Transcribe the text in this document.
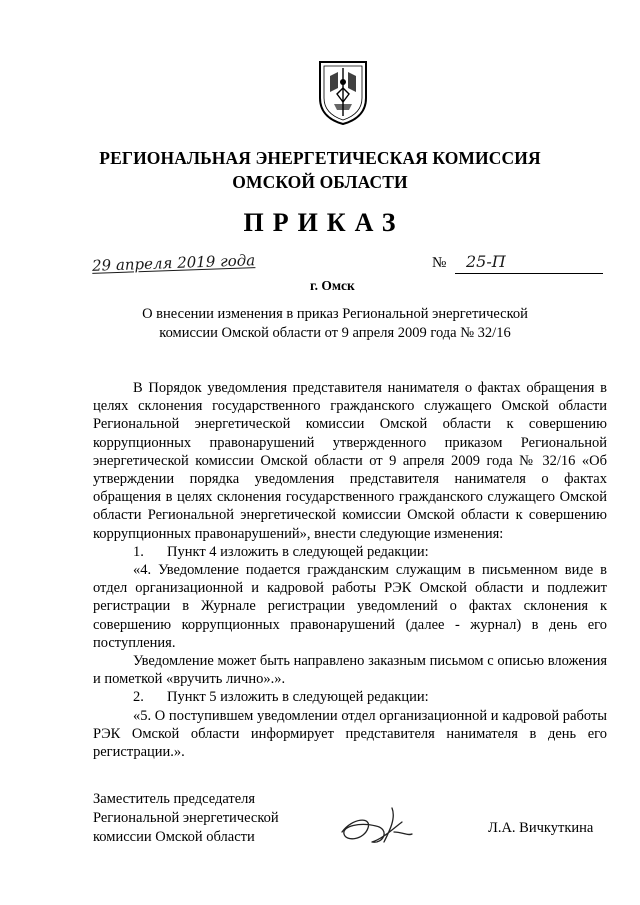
РЕГИОНАЛЬНАЯ ЭНЕРГЕТИЧЕСКАЯ КОМИССИЯ
ОМСКОЙ ОБЛАСТИ
ПРИКАЗ
29 апреля 2019 года	№ 25-П
г. Омск
О внесении изменения в приказ Региональной энергетической комиссии Омской области от 9 апреля 2009 года № 32/16

В Порядок уведомления представителя нанимателя о фактах обращения в целях склонения государственного гражданского служащего Омской области Региональной энергетической комиссии Омской области к совершению коррупционных правонарушений утвержденного приказом Региональной энергетической комиссии Омской области от 9 апреля 2009 года № 32/16 «Об утверждении порядка уведомления представителя нанимателя о фактах обращения в целях склонения государственного гражданского служащего Омской области Региональной энергетической комиссии Омской области к совершению коррупционных правонарушений», внести следующие изменения:

1. Пункт 4 изложить в следующей редакции:

«4. Уведомление подается гражданским служащим в письменном виде в отдел организационной и кадровой работы РЭК Омской области и подлежит регистрации в Журнале регистрации уведомлений о фактах склонения к совершению коррупционных правонарушений (далее - журнал) в день его поступления.

Уведомление может быть направлено заказным письмом с описью вложения и пометкой «вручить лично».».

2. Пункт 5 изложить в следующей редакции:

«5. О поступившем уведомлении отдел организационной и кадровой работы РЭК Омской области информирует представителя нанимателя в день его регистрации.».

Заместитель председателя
Региональной энергетической
комиссии Омской области
Л.А. Вичкуткина
